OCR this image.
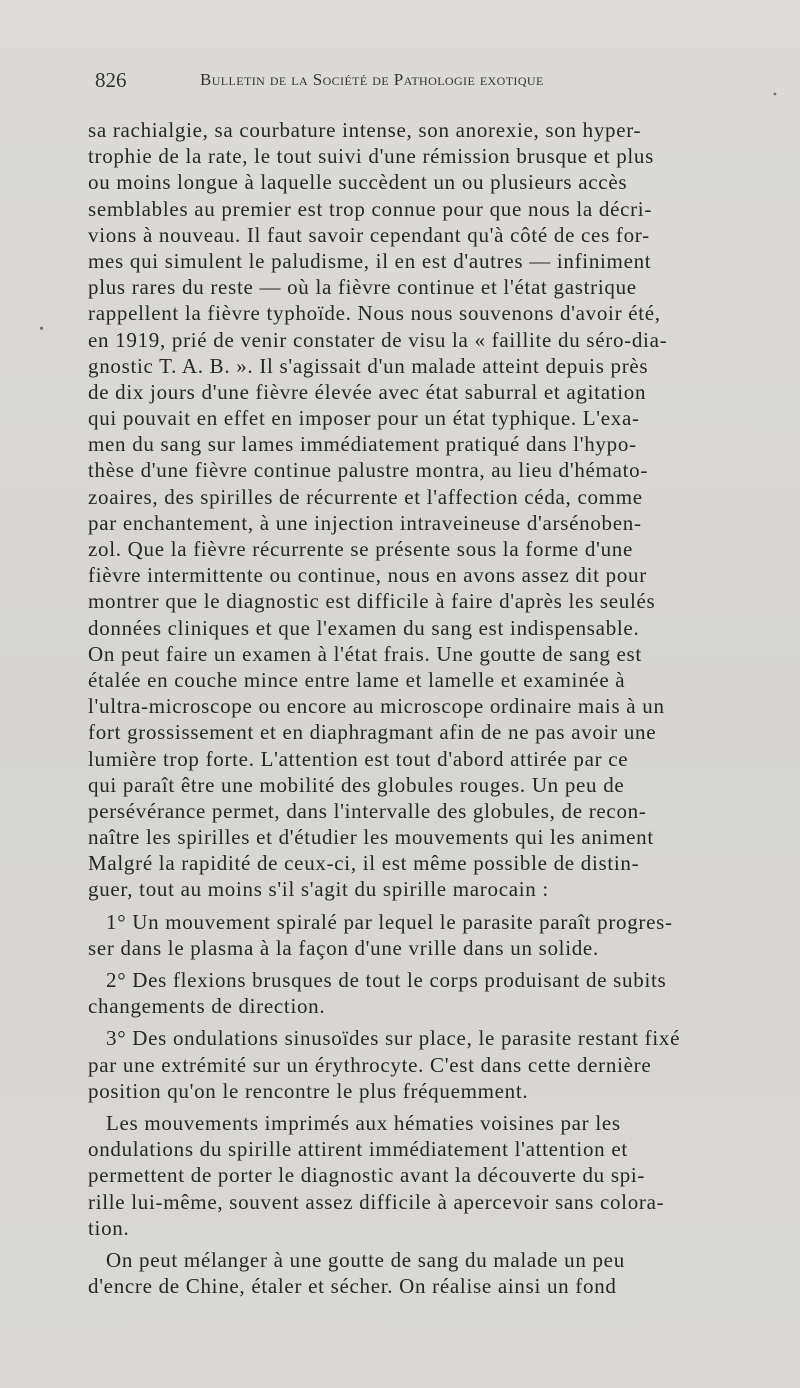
826	Bulletin de la Société de Pathologie exotique
•
•
sa rachialgie, sa courbature intense, son anorexie, son hyper-
trophie de la rate, le tout suivi d'une rémission brusque et plus
ou moins longue à laquelle succèdent un ou plusieurs accès
semblables au premier est trop connue pour que nous la décri-
vions à nouveau. Il faut savoir cependant qu'à côté de ces for-
mes qui simulent le paludisme, il en est d'autres — infiniment
plus rares du reste — où la fièvre continue et l'état gastrique
rappellent la fièvre typhoïde. Nous nous souvenons d'avoir été,
en 1919, prié de venir constater de visu la « faillite du séro-dia-
gnostic T. A. B. ». Il s'agissait d'un malade atteint depuis près
de dix jours d'une fièvre élevée avec état saburral et agitation
qui pouvait en effet en imposer pour un état typhique. L'exa-
men du sang sur lames immédiatement pratiqué dans l'hypo-
thèse d'une fièvre continue palustre montra, au lieu d'hémato-
zoaires, des spirilles de récurrente et l'affection céda, comme
par enchantement, à une injection intraveineuse d'arsénoben-
zol. Que la fièvre récurrente se présente sous la forme d'une
fièvre intermittente ou continue, nous en avons assez dit pour
montrer que le diagnostic est difficile à faire d'après les seulés
données cliniques et que l'examen du sang est indispensable.
On peut faire un examen à l'état frais. Une goutte de sang est
étalée en couche mince entre lame et lamelle et examinée à
l'ultra-microscope ou encore au microscope ordinaire mais à un
fort grossissement et en diaphragmant afin de ne pas avoir une
lumière trop forte. L'attention est tout d'abord attirée par ce
qui paraît être une mobilité des globules rouges. Un peu de
persévérance permet, dans l'intervalle des globules, de recon-
naître les spirilles et d'étudier les mouvements qui les animent
Malgré la rapidité de ceux-ci, il est même possible de distin-
guer, tout au moins s'il s'agit du spirille marocain :
1° Un mouvement spiralé par lequel le parasite paraît progres-
ser dans le plasma à la façon d'une vrille dans un solide.
2° Des flexions brusques de tout le corps produisant de subits
changements de direction.
3° Des ondulations sinusoïdes sur place, le parasite restant fixé
par une extrémité sur un érythrocyte. C'est dans cette dernière
position qu'on le rencontre le plus fréquemment.
Les mouvements imprimés aux hématies voisines par les
ondulations du spirille attirent immédiatement l'attention et
permettent de porter le diagnostic avant la découverte du spi-
rille lui-même, souvent assez difficile à apercevoir sans colora-
tion.
On peut mélanger à une goutte de sang du malade un peu
d'encre de Chine, étaler et sécher. On réalise ainsi un fond
